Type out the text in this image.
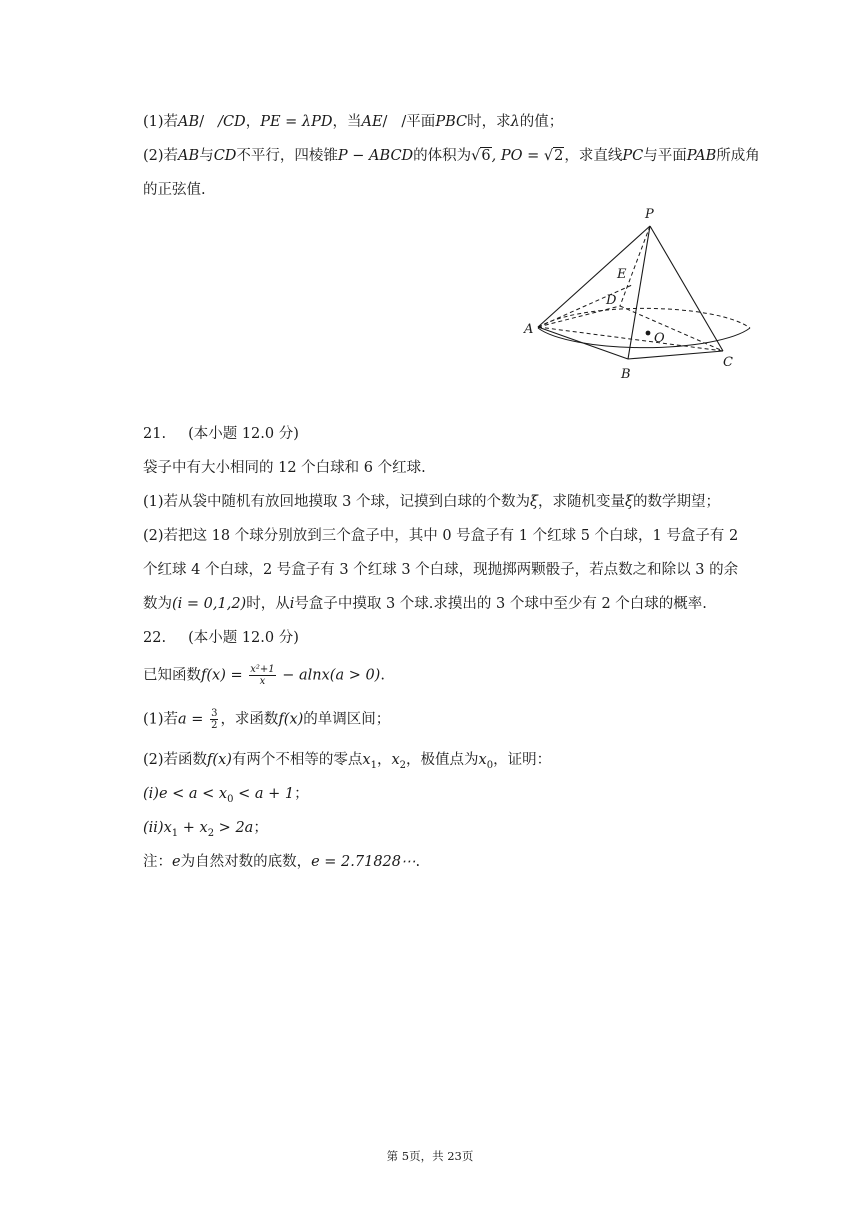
(1)若AB/ /CD，PE = λPD，当AE/ /平面PBC时，求λ的值；
(2)若AB与CD不平行，四棱锥P − ABCD的体积为√6, PO = √2，求直线PC与平面PAB所成角
的正弦值.
P
E
D
O
A
B
C
21. (本小题 12.0 分)
袋子中有大小相同的 12 个白球和 6 个红球.
(1)若从袋中随机有放回地摸取 3 个球，记摸到白球的个数为ξ，求随机变量ξ的数学期望；
(2)若把这 18 个球分别放到三个盒子中，其中 0 号盒子有 1 个红球 5 个白球，1 号盒子有 2
个红球 4 个白球，2 号盒子有 3 个红球 3 个白球，现抛掷两颗骰子，若点数之和除以 3 的余
数为(i = 0,1,2)时，从i号盒子中摸取 3 个球.求摸出的 3 个球中至少有 2 个白球的概率.
22. (本小题 12.0 分)
已知函数$f(x) = \frac{\text{x²+1}}{x} - alnx(a > 0)$.
(1)若$a = \frac{3}{2}$ ，求函数f(x)的单调区间；
(2)若函数f(x)有两个不相等的零点$x_1$，$x_2$，极值点为$x_0$，证明：
$(i)e < a < x_0 < a + 1$；
$(ii)x_1 + x_2 > 2a$；
注：e为自然对数的底数，e = 2.71828⋯.
第 5页，共 23页
